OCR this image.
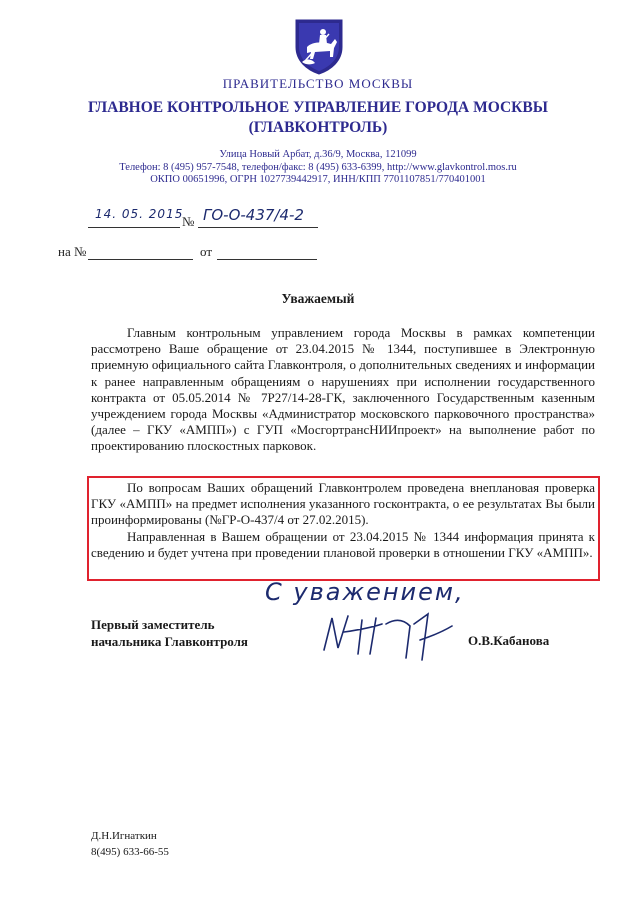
ПРАВИТЕЛЬСТВО МОСКВЫ
ГЛАВНОЕ КОНТРОЛЬНОЕ УПРАВЛЕНИЕ ГОРОДА МОСКВЫ
(ГЛАВКОНТРОЛЬ)
Улица Новый Арбат, д.36/9, Москва, 121099
Телефон: 8 (495) 957-7548, телефон/факс: 8 (495) 633-6399, http://www.glavkontrol.mos.ru
ОКПО 00651996, ОГРН 1027739442917, ИНН/КПП 7701107851/770401001
14. 05. 2015
№ ГО-О-437/4-2
на №	от
Уважаемый

Главным контрольным управлением города Москвы в рамках компетенции рассмотрено Ваше обращение от 23.04.2015 № 1344, поступившее в Электронную приемную официального сайта Главконтроля, о дополнительных сведениях и информации к ранее направленным обращениям о нарушениях при исполнении государственного контракта от 05.05.2014 № 7Р27/14-28-ГК, заключенного Государственным казенным учреждением города Москвы «Администратор московского парковочного пространства» (далее – ГКУ «АМПП») с ГУП «МосгортрансНИИпроект» на выполнение работ по проектированию плоскостных парковок.

По вопросам Ваших обращений Главконтролем проведена внеплановая проверка ГКУ «АМПП» на предмет исполнения указанного госконтракта, о ее результатах Вы были проинформированы (№ГР-О-437/4 от 27.02.2015).

Направленная в Вашем обращении от 23.04.2015 № 1344 информация принята к сведению и будет учтена при проведении плановой проверки в отношении ГКУ «АМПП».

С уважением,
Первый заместитель
начальника Главконтроля	О.В.Кабанова
Д.Н.Игнаткин
8(495) 633-66-55
